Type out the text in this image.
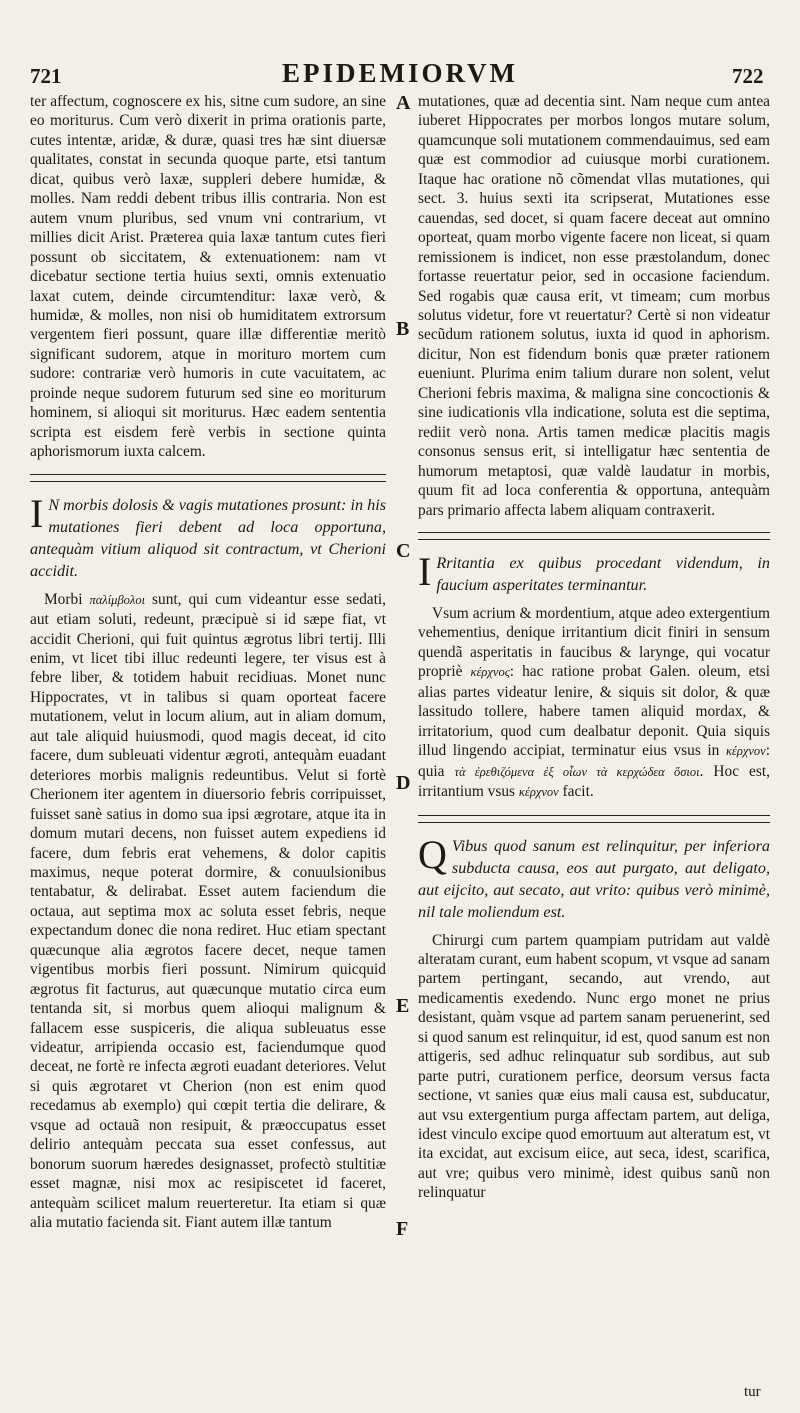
721	EPIDEMIORVM	722
A
B
C
D
E
F

ter affectum, cognoscere ex his, sitne cum sudore, an sine eo moriturus. Cum verò dixerit in prima orationis parte, cutes intentæ, aridæ, & duræ, quasi tres hæ sint diuersæ qualitates, constat in secunda quoque parte, etsi tantum dicat, quibus verò laxæ, suppleri debere humidæ, & molles. Nam reddi debent tribus illis contraria. Non est autem vnum pluribus, sed vnum vni contrarium, vt millies dicit Arist. Præterea quia laxæ tantum cutes fieri possunt ob siccitatem, & extenuationem: nam vt dicebatur sectione tertia huius sexti, omnis extenuatio laxat cutem, deinde circumtenditur: laxæ verò, & humidæ, & molles, non nisi ob humiditatem extrorsum vergentem fieri possunt, quare illæ differentiæ meritò significant sudorem, atque in morituro mortem cum sudore: contrariæ verò humoris in cute vacuitatem, ac proinde neque sudorem futurum sed sine eo moriturum hominem, si alioqui sit moriturus. Hæc eadem sententia scripta est eisdem ferè verbis in sectione quinta aphorismorum iuxta calcem.

I N morbis dolosis & vagis mutationes prosunt: in his mutationes fieri debent ad loca opportuna, antequàm vitium aliquod sit contractum, vt Cherioni accidit.
Morbi παλίμβολοι sunt, qui cum videantur esse sedati, aut etiam soluti, redeunt, præcipuè si id sæpe fiat, vt accidit Cherioni, qui fuit quintus ægrotus libri tertij. Illi enim, vt licet tibi illuc redeunti legere, ter visus est à febre liber, & totidem habuit recidiuas. Monet nunc Hippocrates, vt in talibus si quam oporteat facere mutationem, velut in locum alium, aut in aliam domum, aut tale aliquid huiusmodi, quod magis deceat, id cito facere, dum subleuati videntur ægroti, antequàm euadant deteriores morbis malignis redeuntibus. Velut si fortè Cherionem iter agentem in diuersorio febris corripuisset, fuisset sanè satius in domo sua ipsi ægrotare, atque ita in domum mutari decens, non fuisset autem expediens id facere, dum febris erat vehemens, & dolor capitis maximus, neque poterat dormire, & conuulsionibus tentabatur, & delirabat. Esset autem faciendum die octaua, aut septima mox ac soluta esset febris, neque expectandum donec die nona rediret. Huc etiam spectant quæcunque alia ægrotos facere decet, neque tamen vigentibus morbis fieri possunt. Nimirum quicquid ægrotus fit facturus, aut quæcunque mutatio circa eum tentanda sit, si morbus quem alioqui malignum & fallacem esse suspiceris, die aliqua subleuatus esse videatur, arripienda occasio est, faciendumque quod deceat, ne fortè re infecta ægroti euadant deteriores. Velut si quis ægrotaret vt Cherion (non est enim quod recedamus ab exemplo) qui cœpit tertia die delirare, & vsque ad octauã non resipuit, & præoccupatus esset delirio antequàm peccata sua esset confessus, aut bonorum suorum hæredes designasset, profectò stultitiæ esset magnæ, nisi mox ac resipiscetet id faceret, antequàm scilicet malum reuerteretur. Ita etiam si quæ alia mutatio facienda sit. Fiant autem illæ tantum

mutationes, quæ ad decentia sint. Nam neque cum antea iuberet Hippocrates per morbos longos mutare solum, quamcunque soli mutationem commendauimus, sed eam quæ est commodior ad cuiusque morbi curationem. Itaque hac oratione nõ cõmendat vllas mutationes, qui sect. 3. huius sexti ita scripserat, Mutationes esse cauendas, sed docet, si quam facere deceat aut omnino oporteat, quam morbo vigente facere non liceat, si quam remissionem is indicet, non esse præstolandum, donec fortasse reuertatur peior, sed in occasione faciendum. Sed rogabis quæ causa erit, vt timeam; cum morbus solutus videtur, fore vt reuertatur? Certè si non videatur secũdum rationem solutus, iuxta id quod in aphorism. dicitur, Non est fidendum bonis quæ præter rationem eueniunt. Plurima enim talium durare non solent, velut Cherioni febris maxima, & maligna sine concoctionis & sine iudicationis vlla indicatione, soluta est die septima, rediit verò nona. Artis tamen medicæ placitis magis consonus sensus erit, si intelligatur hæc sententia de humorum metaptosi, quæ valdè laudatur in morbis, quum fit ad loca conferentia & opportuna, antequàm pars primario affecta labem aliquam contraxerit.

I Rritantia ex quibus procedant videndum, in faucium asperitates terminantur.
Vsum acrium & mordentium, atque adeo extergentium vehementius, denique irritantium dicit finiri in sensum quendã asperitatis in faucibus & larynge, qui vocatur propriè κέρχνος: hac ratione probat Galen. oleum, etsi alias partes videatur lenire, & siquis sit dolor, & quæ lassitudo tollere, habere tamen aliquid mordax, & irritatorium, quod cum dealbatur deponit. Quia siquis illud lingendo accipiat, terminatur eius vsus in κέρχνον: quia τὰ ἐρεθιζόμενα ἐξ οἷων τὰ κερχώδεα ὅσιοι. Hoc est, irritantium vsus κέρχνον facit.
Q Vibus quod sanum est relinquitur, per inferiora subducta causa, eos aut purgato, aut deligato, aut eijcito, aut secato, aut vrito: quibus verò minimè, nil tale moliendum est.
Chirurgi cum partem quampiam putridam aut valdè alteratam curant, eum habent scopum, vt vsque ad sanam partem pertingant, secando, aut vrendo, aut medicamentis exedendo. Nunc ergo monet ne prius desistant, quàm vsque ad partem sanam peruenerint, sed si quod sanum est relinquitur, id est, quod sanum est non attigeris, sed adhuc relinquatur sub sordibus, aut sub parte putri, curationem perfice, deorsum versus facta sectione, vt sanies quæ eius mali causa est, subducatur, aut vsu extergentium purga affectam partem, aut deliga, idest vinculo excipe quod emortuum aut alteratum est, vt ita excidat, aut excisum eiice, aut seca, idest, scarifica, aut vre; quibus vero minimè, idest quibus sanũ non relinquatur
tur
